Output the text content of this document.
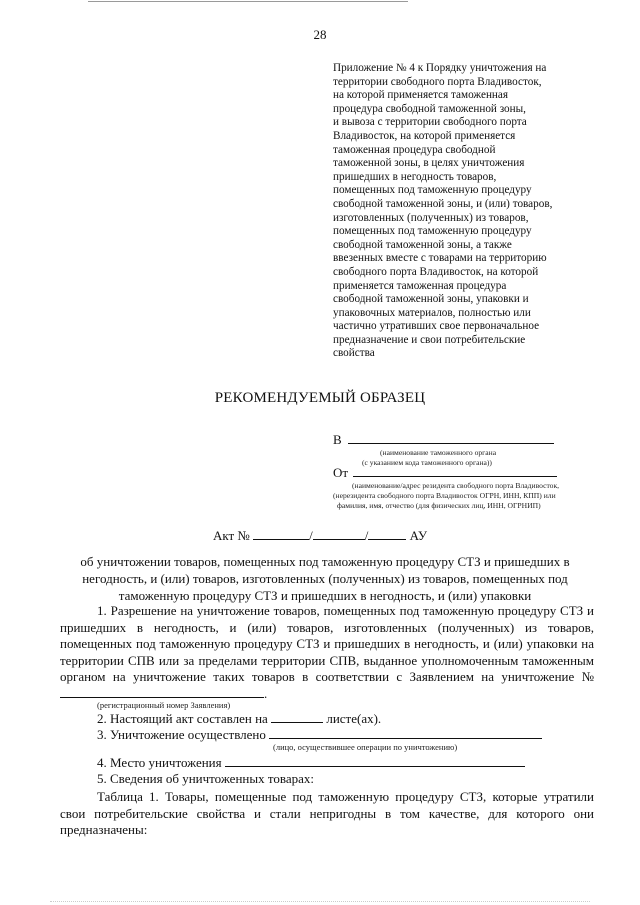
28
Приложение № 4 к Порядку уничтожения на
территории свободного порта Владивосток,
на которой применяется таможенная
процедура свободной таможенной зоны,
и вывоза с территории свободного порта
Владивосток, на которой применяется
таможенная процедура свободной
таможенной зоны, в целях уничтожения
пришедших в негодность товаров,
помещенных под таможенную процедуру
свободной таможенной зоны, и (или) товаров,
изготовленных (полученных) из товаров,
помещенных под таможенную процедуру
свободной таможенной зоны, а также
ввезенных вместе с товарами на территорию
свободного порта Владивосток, на которой
применяется таможенная процедура
свободной таможенной зоны, упаковки и
упаковочных материалов, полностью или
частично утративших свое первоначальное
предназначение и свои потребительские
свойства
РЕКОМЕНДУЕМЫЙ ОБРАЗЕЦ
В
(наименование таможенного органа
(с указанием кода таможенного органа))
От
(наименование/адрес резидента свободного порта Владивосток,
(нерезидента свободного порта Владивосток ОГРН, ИНН, КПП) или
фамилия, имя, отчество (для физических лиц, ИНН, ОГРНИП)
Акт №	/	/	АУ
об уничтожении товаров, помещенных под таможенную процедуру СТЗ и пришедших в негодность, и (или) товаров, изготовленных (полученных) из товаров, помещенных под таможенную процедуру СТЗ и пришедших в негодность, и (или) упаковки
1. Разрешение на уничтожение товаров, помещенных под таможенную процедуру СТЗ и пришедших в негодность, и (или) товаров, изготовленных (полученных) из товаров, помещенных под таможенную процедуру СТЗ и пришедших в негодность, и (или) упаковки на территории СПВ или за пределами территории СПВ, выданное уполномоченным таможенным органом на уничтожение таких товаров в соответствии с Заявлением на уничтожение № .
(регистрационный номер Заявления)
2. Настоящий акт составлен на	листе(ах).
3. Уничтожение осуществлено
(лицо, осуществившее операции по уничтожению)
4. Место уничтожения
5. Сведения об уничтоженных товарах:
Таблица 1. Товары, помещенные под таможенную процедуру СТЗ, которые утратили свои потребительские свойства и стали непригодны в том качестве, для которого они предназначены:
